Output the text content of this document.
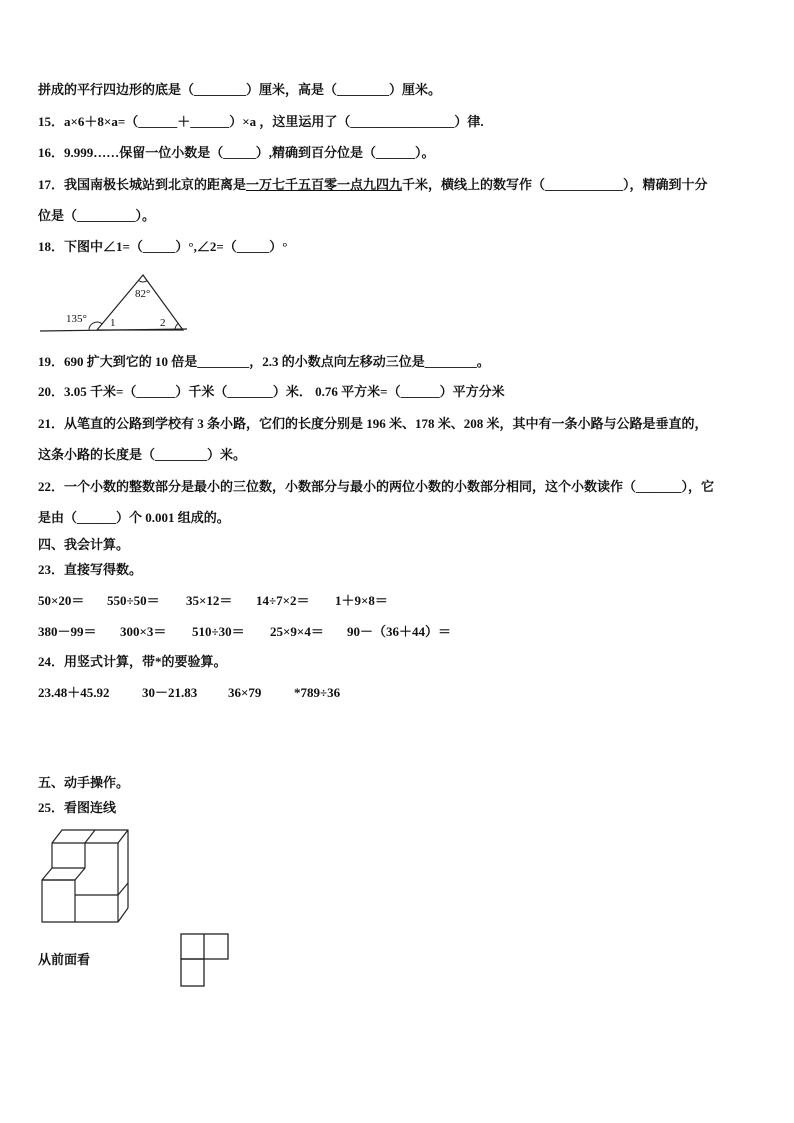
拼成的平行四边形的底是（________）厘米，高是（________）厘米。
15．a×6＋8×a=（______＋______）×a ，这里运用了（________________）律.
16．9.999……保留一位小数是（_____）,精确到百分位是（______）。
17．我国南极长城站到北京的距离是一万七千五百零一点九四九千米，横线上的数写作（____________），精确到十分
位是（_________）。
18．下图中∠1=（_____）°,∠2=（_____）°
82°
135° 1	2
19．690 扩大到它的 10 倍是________，2.3 的小数点向左移动三位是________。
20．3.05 千米=（______）千米（_______）米． 0.76 平方米=（______）平方分米
21．从笔直的公路到学校有 3 条小路，它们的长度分别是 196 米、178 米、208 米，其中有一条小路与公路是垂直的，
这条小路的长度是（________）米。
22．一个小数的整数部分是最小的三位数，小数部分与最小的两位小数的小数部分相同，这个小数读作（_______），它
是由（______）个 0.001 组成的。
四、我会计算。
23．直接写得数。
50×20＝ 550÷50＝ 35×12＝ 14÷7×2＝ 1＋9×8＝
380－99＝ 300×3＝ 510÷30＝ 25×9×4＝ 90－（36＋44）＝
24．用竖式计算，带*的要验算。
23.48＋45.92 30－21.83 36×79	*789÷36
五、动手操作。
25．看图连线
从前面看
